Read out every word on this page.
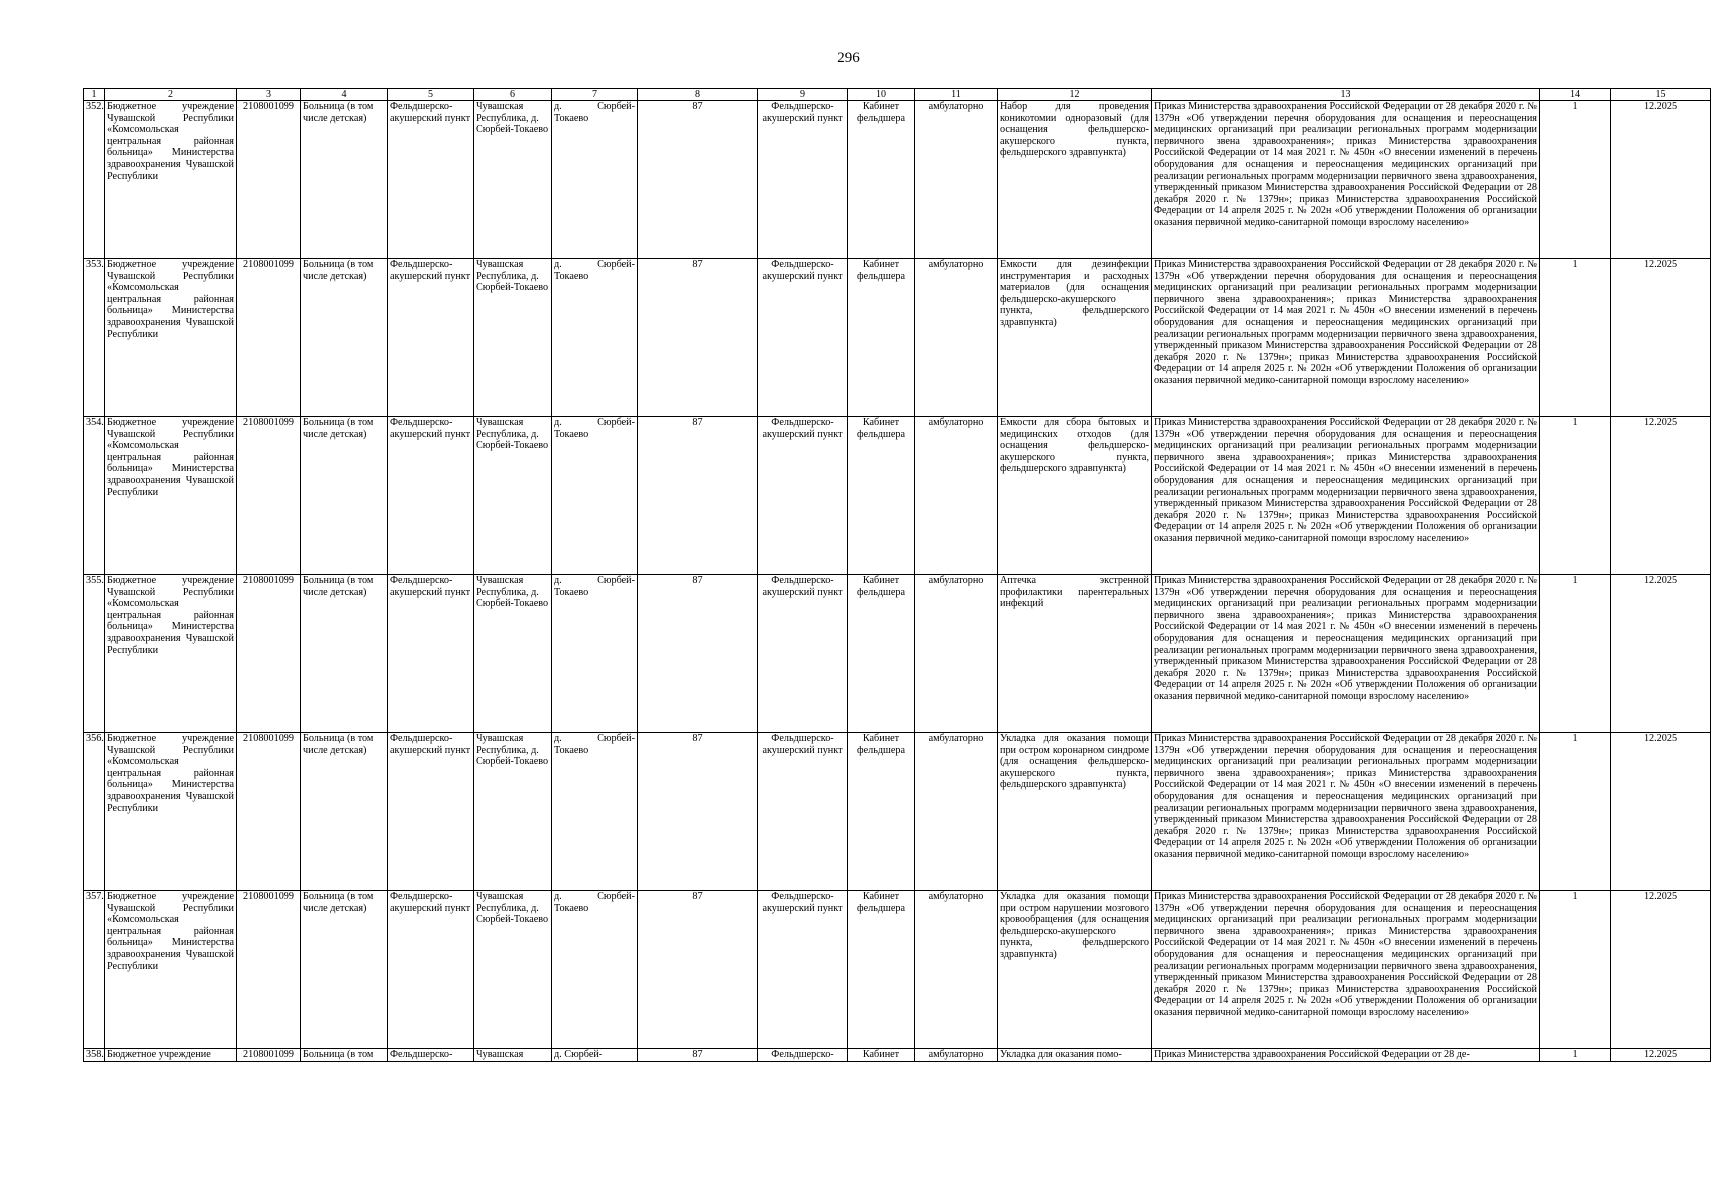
296
1	2	3	4	5	6	7	8	9	10	11	12	13	14	15
352.	Бюджетное учреждение Чувашской Республики «Комсомольская центральная районная больница» Министерства здравоохранения Чувашской Республики	2108001099	Больница (в том числе детская)	Фельдшерско-акушерский пункт	Чувашская Республика, д. Сюрбей-Токаево	д. Сюрбей-Токаево	87	Фельдшерско-акушерский пункт	Кабинет фельдшера	амбулаторно	Набор для проведения коникотомии одноразовый (для оснащения фельдшерско-акушерского пункта, фельдшерского здравпункта)	Приказ Министерства здравоохранения Российской Федерации от 28 декабря 2020 г. № 1379н «Об утверждении перечня оборудования для оснащения и переоснащения медицинских организаций при реализации региональных программ модернизации первичного звена здравоохранения»; приказ Министерства здравоохранения Российской Федерации от 14 мая 2021 г. № 450н «О внесении изменений в перечень оборудования для оснащения и переоснащения медицинских организаций при реализации региональных программ модернизации первичного звена здравоохранения, утвержденный приказом Министерства здравоохранения Российской Федерации от 28 декабря 2020 г. № 1379н»; приказ Министерства здравоохранения Российской Федерации от 14 апреля 2025 г. № 202н «Об утверждении Положения об организации оказания первичной медико-санитарной помощи взрослому населению»	1	12.2025
353.	Бюджетное учреждение Чувашской Республики «Комсомольская центральная районная больница» Министерства здравоохранения Чувашской Республики	2108001099	Больница (в том числе детская)	Фельдшерско-акушерский пункт	Чувашская Республика, д. Сюрбей-Токаево	д. Сюрбей-Токаево	87	Фельдшерско-акушерский пункт	Кабинет фельдшера	амбулаторно	Емкости для дезинфекции инструментария и расходных материалов (для оснащения фельдшерско-акушерского пункта, фельдшерского здравпункта)	Приказ Министерства здравоохранения Российской Федерации от 28 декабря 2020 г. № 1379н «Об утверждении перечня оборудования для оснащения и переоснащения медицинских организаций при реализации региональных программ модернизации первичного звена здравоохранения»; приказ Министерства здравоохранения Российской Федерации от 14 мая 2021 г. № 450н «О внесении изменений в перечень оборудования для оснащения и переоснащения медицинских организаций при реализации региональных программ модернизации первичного звена здравоохранения, утвержденный приказом Министерства здравоохранения Российской Федерации от 28 декабря 2020 г. № 1379н»; приказ Министерства здравоохранения Российской Федерации от 14 апреля 2025 г. № 202н «Об утверждении Положения об организации оказания первичной медико-санитарной помощи взрослому населению»	1	12.2025
354.	Бюджетное учреждение Чувашской Республики «Комсомольская центральная районная больница» Министерства здравоохранения Чувашской Республики	2108001099	Больница (в том числе детская)	Фельдшерско-акушерский пункт	Чувашская Республика, д. Сюрбей-Токаево	д. Сюрбей-Токаево	87	Фельдшерско-акушерский пункт	Кабинет фельдшера	амбулаторно	Емкости для сбора бытовых и медицинских отходов (для оснащения фельдшерско-акушерского пункта, фельдшерского здравпункта)	Приказ Министерства здравоохранения Российской Федерации от 28 декабря 2020 г. № 1379н «Об утверждении перечня оборудования для оснащения и переоснащения медицинских организаций при реализации региональных программ модернизации первичного звена здравоохранения»; приказ Министерства здравоохранения Российской Федерации от 14 мая 2021 г. № 450н «О внесении изменений в перечень оборудования для оснащения и переоснащения медицинских организаций при реализации региональных программ модернизации первичного звена здравоохранения, утвержденный приказом Министерства здравоохранения Российской Федерации от 28 декабря 2020 г. № 1379н»; приказ Министерства здравоохранения Российской Федерации от 14 апреля 2025 г. № 202н «Об утверждении Положения об организации оказания первичной медико-санитарной помощи взрослому населению»	1	12.2025
355.	Бюджетное учреждение Чувашской Республики «Комсомольская центральная районная больница» Министерства здравоохранения Чувашской Республики	2108001099	Больница (в том числе детская)	Фельдшерско-акушерский пункт	Чувашская Республика, д. Сюрбей-Токаево	д. Сюрбей-Токаево	87	Фельдшерско-акушерский пункт	Кабинет фельдшера	амбулаторно	Аптечка экстренной профилактики парентеральных инфекций	Приказ Министерства здравоохранения Российской Федерации от 28 декабря 2020 г. № 1379н «Об утверждении перечня оборудования для оснащения и переоснащения медицинских организаций при реализации региональных программ модернизации первичного звена здравоохранения»; приказ Министерства здравоохранения Российской Федерации от 14 мая 2021 г. № 450н «О внесении изменений в перечень оборудования для оснащения и переоснащения медицинских организаций при реализации региональных программ модернизации первичного звена здравоохранения, утвержденный приказом Министерства здравоохранения Российской Федерации от 28 декабря 2020 г. № 1379н»; приказ Министерства здравоохранения Российской Федерации от 14 апреля 2025 г. № 202н «Об утверждении Положения об организации оказания первичной медико-санитарной помощи взрослому населению»	1	12.2025
356.	Бюджетное учреждение Чувашской Республики «Комсомольская центральная районная больница» Министерства здравоохранения Чувашской Республики	2108001099	Больница (в том числе детская)	Фельдшерско-акушерский пункт	Чувашская Республика, д. Сюрбей-Токаево	д. Сюрбей-Токаево	87	Фельдшерско-акушерский пункт	Кабинет фельдшера	амбулаторно	Укладка для оказания помощи при остром коронарном синдроме (для оснащения фельдшерско-акушерского пункта, фельдшерского здравпункта)	Приказ Министерства здравоохранения Российской Федерации от 28 декабря 2020 г. № 1379н «Об утверждении перечня оборудования для оснащения и переоснащения медицинских организаций при реализации региональных программ модернизации первичного звена здравоохранения»; приказ Министерства здравоохранения Российской Федерации от 14 мая 2021 г. № 450н «О внесении изменений в перечень оборудования для оснащения и переоснащения медицинских организаций при реализации региональных программ модернизации первичного звена здравоохранения, утвержденный приказом Министерства здравоохранения Российской Федерации от 28 декабря 2020 г. № 1379н»; приказ Министерства здравоохранения Российской Федерации от 14 апреля 2025 г. № 202н «Об утверждении Положения об организации оказания первичной медико-санитарной помощи взрослому населению»	1	12.2025
357.	Бюджетное учреждение Чувашской Республики «Комсомольская центральная районная больница» Министерства здравоохранения Чувашской Республики	2108001099	Больница (в том числе детская)	Фельдшерско-акушерский пункт	Чувашская Республика, д. Сюрбей-Токаево	д. Сюрбей-Токаево	87	Фельдшерско-акушерский пункт	Кабинет фельдшера	амбулаторно	Укладка для оказания помощи при остром нарушении мозгового кровообращения (для оснащения фельдшерско-акушерского пункта, фельдшерского здравпункта)	Приказ Министерства здравоохранения Российской Федерации от 28 декабря 2020 г. № 1379н «Об утверждении перечня оборудования для оснащения и переоснащения медицинских организаций при реализации региональных программ модернизации первичного звена здравоохранения»; приказ Министерства здравоохранения Российской Федерации от 14 мая 2021 г. № 450н «О внесении изменений в перечень оборудования для оснащения и переоснащения медицинских организаций при реализации региональных программ модернизации первичного звена здравоохранения, утвержденный приказом Министерства здравоохранения Российской Федерации от 28 декабря 2020 г. № 1379н»; приказ Министерства здравоохранения Российской Федерации от 14 апреля 2025 г. № 202н «Об утверждении Положения об организации оказания первичной медико-санитарной помощи взрослому населению»	1	12.2025
358.	Бюджетное учреждение	2108001099	Больница (в том	Фельдшерско-	Чувашская	д. Сюрбей-	87	Фельдшерско-	Кабинет	амбулаторно	Укладка для оказания помо-	Приказ Министерства здравоохранения Российской Федерации от 28 де-	1	12.2025
